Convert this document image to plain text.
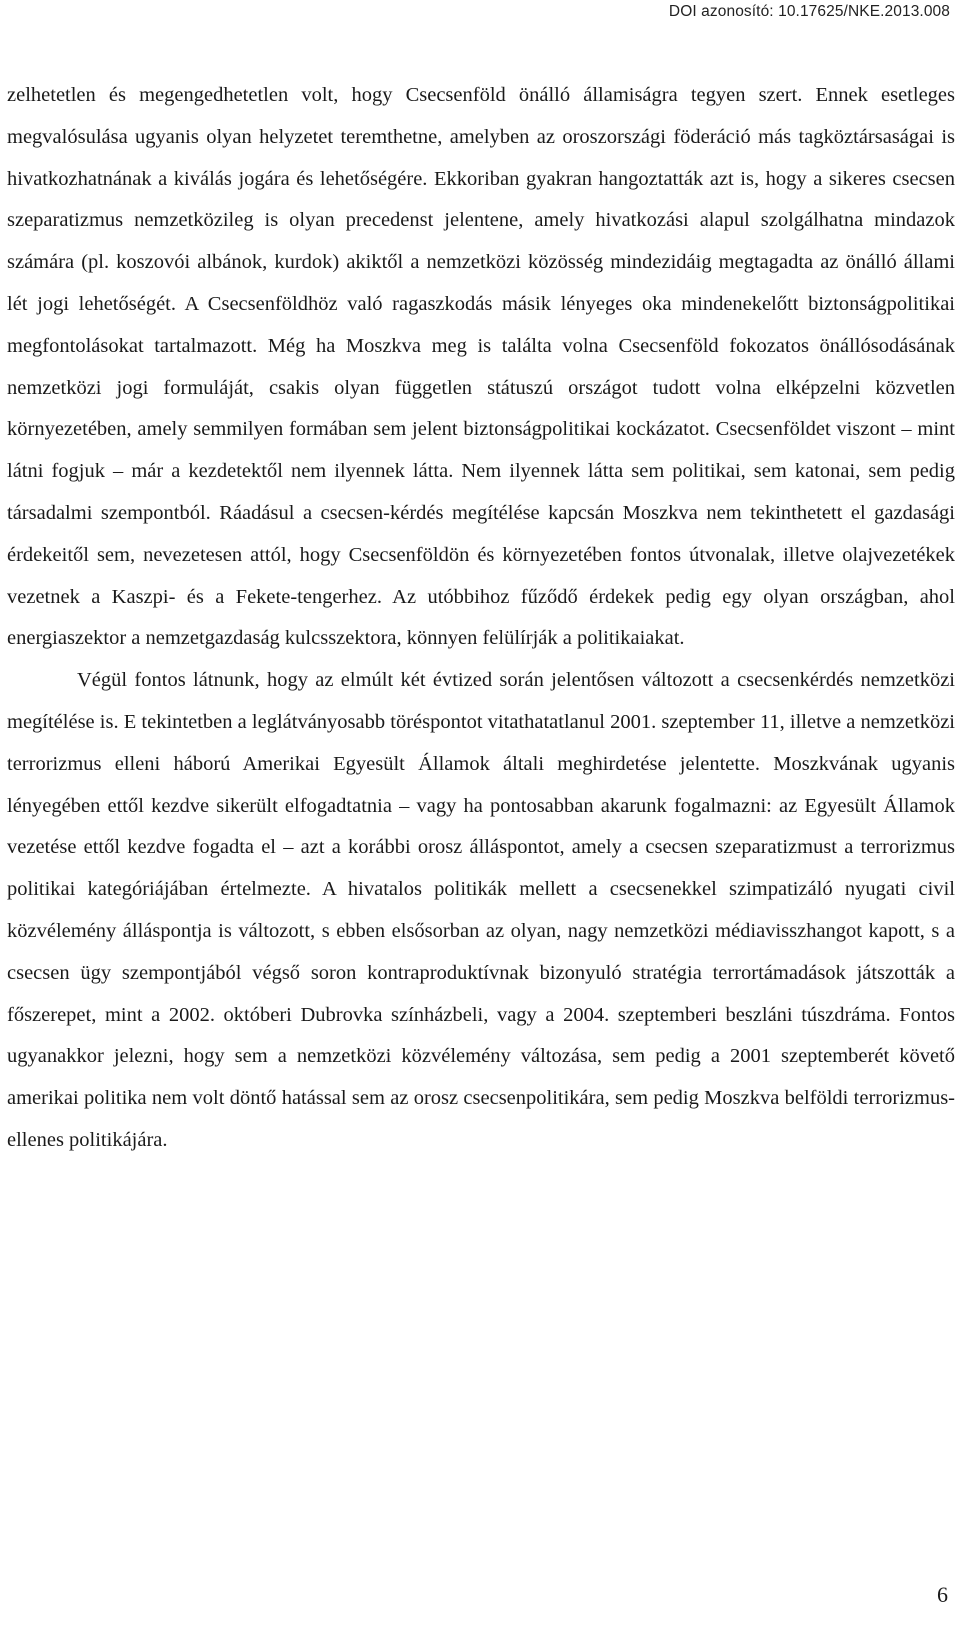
DOI azonosító: 10.17625/NKE.2013.008

zelhetetlen és megengedhetetlen volt, hogy Csecsenföld önálló államiságra tegyen szert. Ennek esetleges megvalósulása ugyanis olyan helyzetet teremthetne, amelyben az oroszországi föderáció más tagköztársaságai is hivatkozhatnának a kiválás jogára és lehetőségére. Ekkoriban gyakran hangoztatták azt is, hogy a sikeres csecsen szeparatizmus nemzetközileg is olyan precedenst jelentene, amely hivatkozási alapul szolgálhatna mindazok számára (pl. koszovói albánok, kurdok) akiktől a nemzetközi közösség mindezidáig megtagadta az önálló állami lét jogi lehetőségét. A Csecsenföldhöz való ragaszkodás másik lényeges oka mindenekelőtt biztonságpolitikai megfontolásokat tartalmazott. Még ha Moszkva meg is találta volna Csecsenföld fokozatos önállósodásának nemzetközi jogi formuláját, csakis olyan független státuszú országot tudott volna elképzelni közvetlen környezetében, amely semmilyen formában sem jelent biztonságpolitikai kockázatot. Csecsenföldet viszont – mint látni fogjuk – már a kezdetektől nem ilyennek látta. Nem ilyennek látta sem politikai, sem katonai, sem pedig társadalmi szempontból. Ráadásul a csecsen-kérdés megítélése kapcsán Moszkva nem tekinthetett el gazdasági érdekeitől sem, nevezetesen attól, hogy Csecsenföldön és környezetében fontos útvonalak, illetve olajvezetékek vezetnek a Kaszpi- és a Fekete-tengerhez. Az utóbbihoz fűződő érdekek pedig egy olyan országban, ahol energiaszektor a nemzetgazdaság kulcsszektora, könnyen felülírják a politikaiakat.

Végül fontos látnunk, hogy az elmúlt két évtized során jelentősen változott a csecsenkérdés nemzetközi megítélése is. E tekintetben a leglátványosabb töréspontot vitathatatlanul 2001. szeptember 11, illetve a nemzetközi terrorizmus elleni háború Amerikai Egyesült Államok általi meghirdetése jelentette. Moszkvának ugyanis lényegében ettől kezdve sikerült elfogadtatnia – vagy ha pontosabban akarunk fogalmazni: az Egyesült Államok vezetése ettől kezdve fogadta el – azt a korábbi orosz álláspontot, amely a csecsen szeparatizmust a terrorizmus politikai kategóriájában értelmezte. A hivatalos politikák mellett a csecsenekkel szimpatizáló nyugati civil közvélemény álláspontja is változott, s ebben elsősorban az olyan, nagy nemzetközi médiavisszhangot kapott, s a csecsen ügy szempontjából végső soron kontraproduktívnak bizonyuló stratégia terrortámadások játszották a főszerepet, mint a 2002. októberi Dubrovka színházbeli, vagy a 2004. szeptemberi beszláni túszdráma. Fontos ugyanakkor jelezni, hogy sem a nemzetközi közvélemény változása, sem pedig a 2001 szeptemberét követő amerikai politika nem volt döntő hatással sem az orosz csecsenpolitikára, sem pedig Moszkva belföldi terrorizmus-ellenes politikájára.

6
